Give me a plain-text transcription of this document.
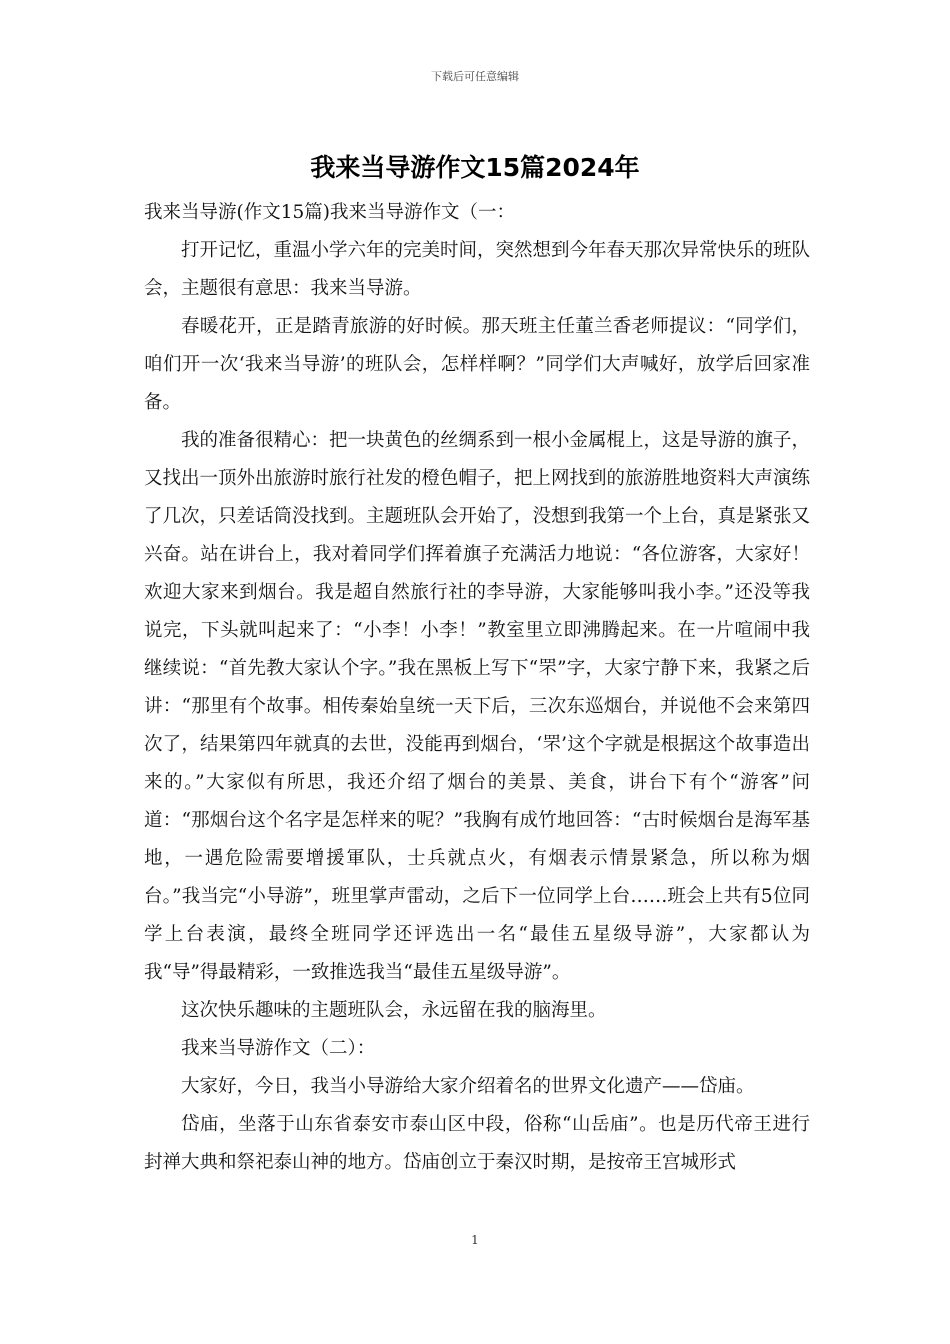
下载后可任意编辑
我来当导游作文15篇2024年

我来当导游(作文15篇)我来当导游作文（一：

打开记忆，重温小学六年的完美时间，突然想到今年春天那次异常快乐的班队会，主题很有意思：我来当导游。

春暖花开，正是踏青旅游的好时候。那天班主任董兰香老师提议：“同学们，咱们开一次‘我来当导游’的班队会，怎样样啊？”同学们大声喊好，放学后回家准备。

我的准备很精心：把一块黄色的丝绸系到一根小金属棍上，这是导游的旗子，又找出一顶外出旅游时旅行社发的橙色帽子，把上网找到的旅游胜地资料大声演练了几次，只差话筒没找到。主题班队会开始了，没想到我第一个上台，真是紧张又兴奋。站在讲台上，我对着同学们挥着旗子充满活力地说：“各位游客，大家好！欢迎大家来到烟台。我是超自然旅行社的李导游，大家能够叫我小李。”还没等我说完，下头就叫起来了：“小李！小李！”教室里立即沸腾起来。在一片喧闹中我继续说：“首先教大家认个字。”我在黑板上写下“罘”字，大家宁静下来，我紧之后讲：“那里有个故事。相传秦始皇统一天下后，三次东巡烟台，并说他不会来第四次了，结果第四年就真的去世，没能再到烟台，‘罘’这个字就是根据这个故事造出来的。”大家似有所思，我还介绍了烟台的美景、美食，讲台下有个“游客”问道：“那烟台这个名字是怎样来的呢？”我胸有成竹地回答：“古时候烟台是海军基地，一遇危险需要增援軍队，士兵就点火，有烟表示情景紧急，所以称为烟台。”我当完“小导游”，班里掌声雷动，之后下一位同学上台……班会上共有5位同学上台表演，最终全班同学还评选出一名“最佳五星级导游”，大家都认为我“导”得最精彩，一致推选我当“最佳五星级导游”。

这次快乐趣味的主题班队会，永远留在我的脑海里。

我来当导游作文（二）：

大家好，今日，我当小导游给大家介绍着名的世界文化遗产——岱庙。

岱庙，坐落于山东省泰安市泰山区中段，俗称“山岳庙”。也是历代帝王进行封禅大典和祭祀泰山神的地方。岱庙创立于秦汉时期，是按帝王宫城形式

1
